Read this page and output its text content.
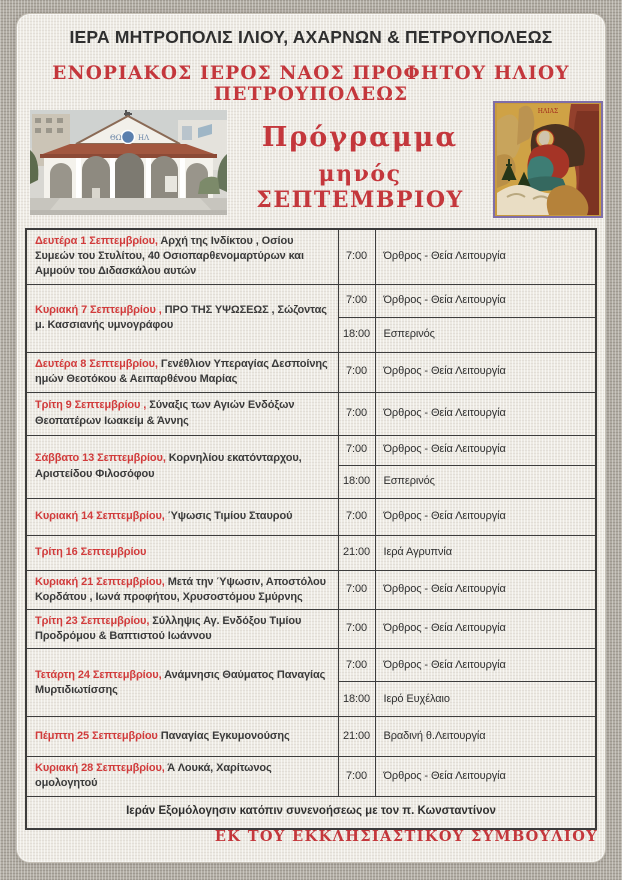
ΙΕΡΑ ΜΗΤΡΟΠΟΛΙΣ ΙΛΙΟΥ, ΑΧΑΡΝΩΝ & ΠΕΤΡΟΥΠΟΛΕΩΣ
ΕΝΟΡΙΑΚΟΣ ΙΕΡΟΣ ΝΑΟΣ ΠΡΟΦΗΤΟΥ ΗΛΙΟΥ ΠΕΤΡΟΥΠΟΛΕΩΣ
ΘΩ ΗΛ	Πρόγραμμα
μηνός ΣΕΠΤΕΜΒΡΙΟΥ
ΗΛΙΑΣ
Δευτέρα 1 Σεπτεμβρίου, Αρχή της Ινδίκτου , Οσίου Συμεών του Στυλίτου, 40 Οσιοπαρθενομαρτύρων και Αμμούν του Διδασκάλου αυτών	7:00	Όρθρος - Θεία Λειτουργία
Κυριακή 7 Σεπτεμβρίου , ΠΡΟ ΤΗΣ ΥΨΩΣΕΩΣ , Σώζοντας μ. Κασσιανής υμνογράφου	7:00	Όρθρος - Θεία Λειτουργία
	18:00	Εσπερινός
Δευτέρα 8 Σεπτεμβρίου, Γενέθλιον Υπεραγίας Δεσποίνης ημών Θεοτόκου & Αειπαρθένου Μαρίας	7:00	Όρθρος - Θεία Λειτουργία
Τρίτη 9 Σεπτεμβρίου , Σύναξις των Αγιών Ενδόξων Θεοπατέρων Ιωακείμ & Άννης	7:00	Όρθρος - Θεία Λειτουργία
Σάββατο 13 Σεπτεμβρίου, Κορνηλίου εκατόνταρχου, Αριστείδου Φιλοσόφου	7:00	Όρθρος - Θεία Λειτουργία
	18:00	Εσπερινός
Κυριακή 14 Σεπτεμβρίου, Ύψωσις Τιμίου Σταυρού	7:00	Όρθρος - Θεία Λειτουργία
Τρίτη 16 Σεπτεμβρίου	21:00	Ιερά Αγρυπνία
Κυριακή 21 Σεπτεμβρίου, Μετά την Ύψωσιν, Αποστόλου Κορδάτου , Ιωνά προφήτου, Χρυσοστόμου Σμύρνης	7:00	Όρθρος - Θεία Λειτουργία
Τρίτη 23 Σεπτεμβρίου, Σύλληψις Αγ. Ενδόξου Τιμίου Προδρόμου & Βαπτιστού Ιωάννου	7:00	Όρθρος - Θεία Λειτουργία
Τετάρτη 24 Σεπτεμβρίου, Ανάμνησις Θαύματος Παναγίας Μυρτιδιωτίσσης	7:00	Όρθρος - Θεία Λειτουργία
	18:00	Ιερό Ευχέλαιο
Πέμπτη 25 Σεπτεμβρίου Παναγίας Εγκυμονούσης	21:00	Βραδινή θ.Λειτουργία
Κυριακή 28 Σεπτεμβρίου, Ά Λουκά, Χαρίτωνος ομολογητού	7:00	Όρθρος - Θεία Λειτουργία
Ιεράν Εξομόλογησιν κατόπιν συνενοήσεως με τον π. Κωνσταντίνον		
ΕΚ ΤΟΥ ΕΚΚΛΗΣΙΑΣΤΙΚΟΥ ΣΥΜΒΟΥΛΙΟΥ
